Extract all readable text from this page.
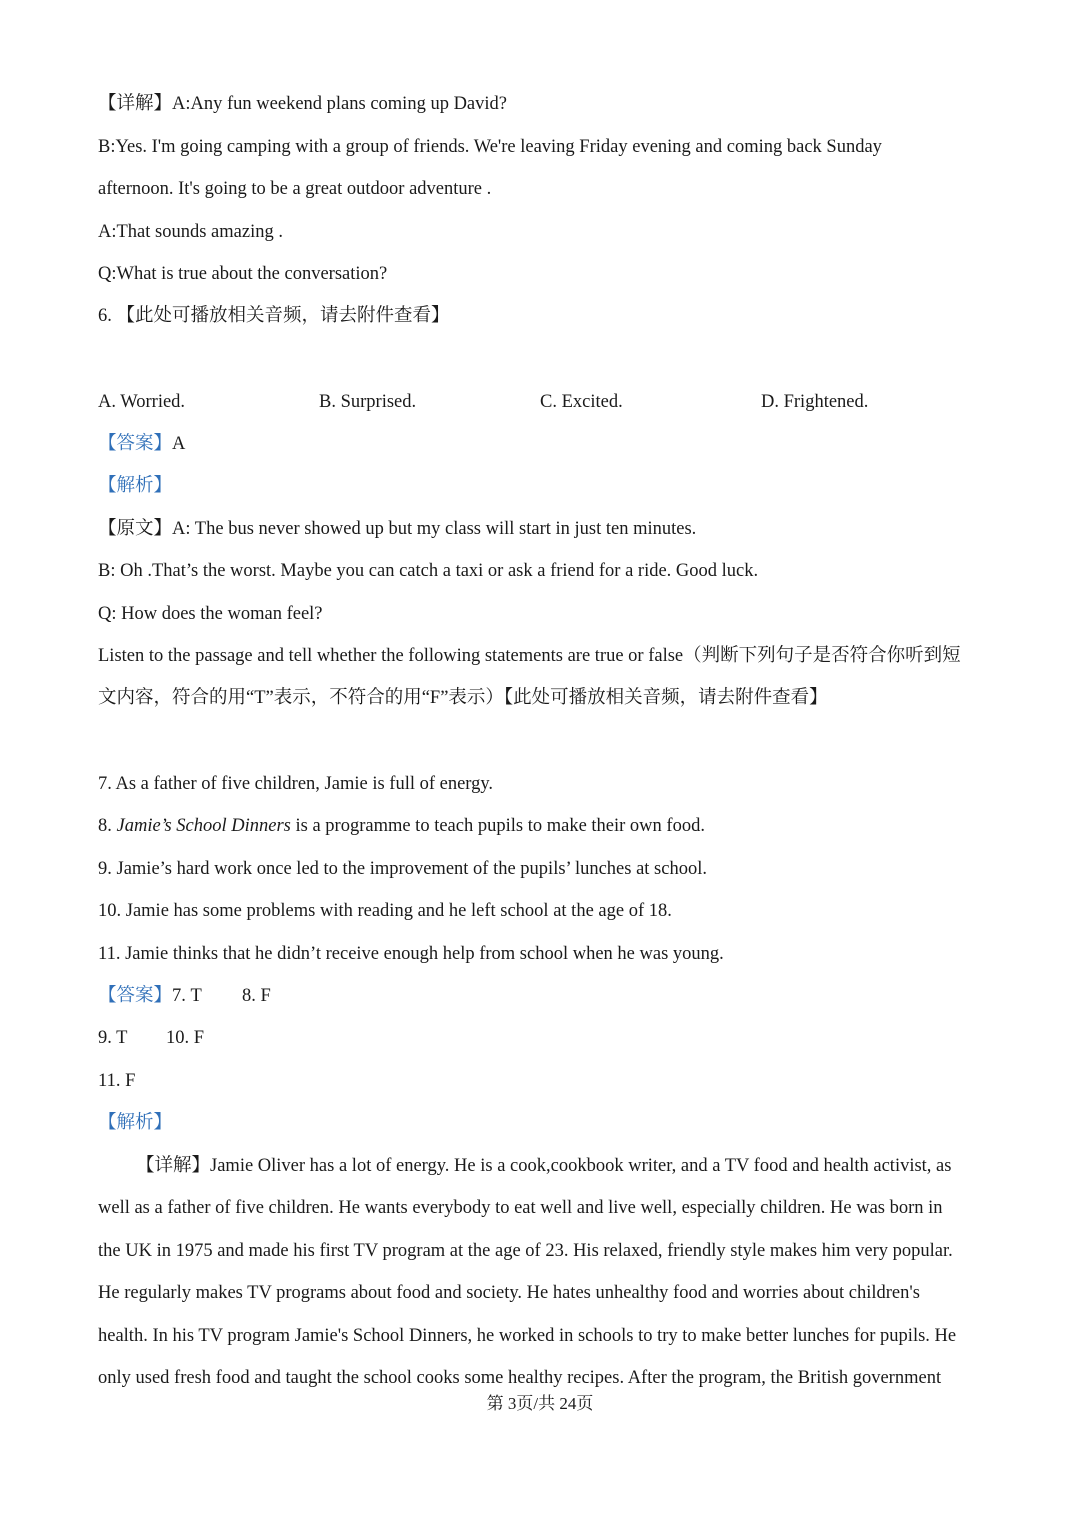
【详解】A:Any fun weekend plans coming up David?
B:Yes. I'm going camping with a group of friends. We're leaving Friday evening and coming back Sunday
afternoon. It's going to be a great outdoor adventure .
A:That sounds amazing .
Q:What is true about the conversation?
6. 【此处可播放相关音频，请去附件查看】
A. Worried.	B. Surprised.	C. Excited.	D. Frightened.
【答案】A
【解析】
【原文】A: The bus never showed up but my class will start in just ten minutes.
B: Oh .That’s the worst. Maybe you can catch a taxi or ask a friend for a ride. Good luck.
Q: How does the woman feel?
Listen to the passage and tell whether the following statements are true or false（判断下列句子是否符合你听到短
文内容，符合的用“T”表示，不符合的用“F”表示）【此处可播放相关音频，请去附件查看】
7. As a father of five children, Jamie is full of energy.
8. Jamie’s School Dinners is a programme to teach pupils to make their own food.
9. Jamie’s hard work once led to the improvement of the pupils’ lunches at school.
10. Jamie has some problems with reading and he left school at the age of 18.
11. Jamie thinks that he didn’t receive enough help from school when he was young.
【答案】7. T 8. F
9. T 10. F
11. F
【解析】
【详解】Jamie Oliver has a lot of energy. He is a cook,cookbook writer, and a TV food and health activist, as
well as a father of five children. He wants everybody to eat well and live well, especially children. He was born in
the UK in 1975 and made his first TV program at the age of 23. His relaxed, friendly style makes him very popular.
He regularly makes TV programs about food and society. He hates unhealthy food and worries about children's
health. In his TV program Jamie's School Dinners, he worked in schools to try to make better lunches for pupils. He
only used fresh food and taught the school cooks some healthy recipes. After the program, the British government
第 3页/共 24页
